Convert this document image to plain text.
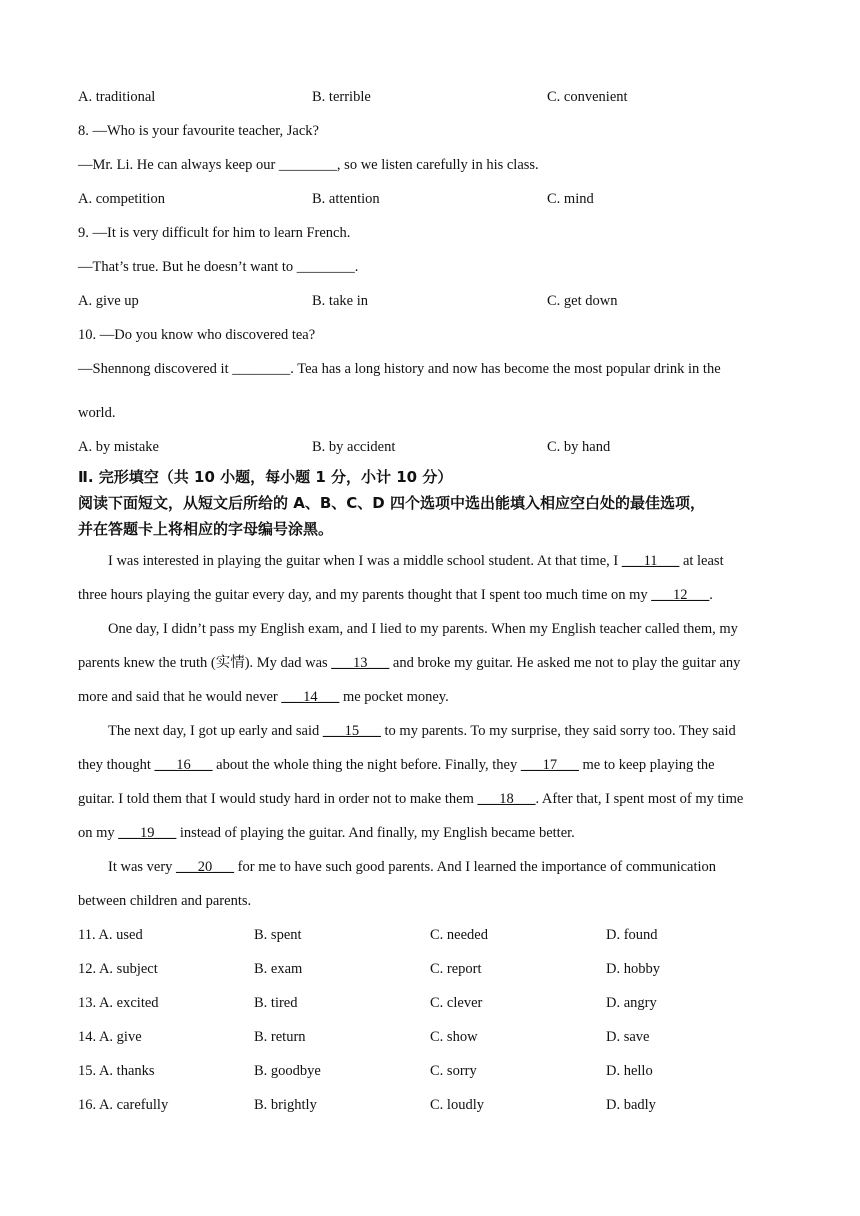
A. traditional	B. terrible	C. convenient
8. —Who is your favourite teacher, Jack?
—Mr. Li. He can always keep our ________, so we listen carefully in his class.
A. competition	B. attention	C. mind
9. —It is very difficult for him to learn French.
—That’s true. But he doesn’t want to ________.
A. give up	B. take in	C. get down
10. —Do you know who discovered tea?
—Shennong discovered it ________. Tea has a long history and now has become the most popular drink in the
world.
A. by mistake	B. by accident	C. by hand
Ⅱ. 完形填空（共 10 小题，每小题 1 分，小计 10 分）
阅读下面短文，从短文后所给的 A、B、C、D 四个选项中选出能填入相应空白处的最佳选项，
并在答题卡上将相应的字母编号涂黑。
I was interested in playing the guitar when I was a middle school student. At that time, I ___11___ at least
three hours playing the guitar every day, and my parents thought that I spent too much time on my ___12___.
One day, I didn’t pass my English exam, and I lied to my parents. When my English teacher called them, my
parents knew the truth (实情). My dad was ___13___ and broke my guitar. He asked me not to play the guitar any
more and said that he would never ___14___ me pocket money.
The next day, I got up early and said ___15___ to my parents. To my surprise, they said sorry too. They said
they thought ___16___ about the whole thing the night before. Finally, they ___17___ me to keep playing the
guitar. I told them that I would study hard in order not to make them ___18___. After that, I spent most of my time
on my ___19___ instead of playing the guitar. And finally, my English became better.
It was very ___20___ for me to have such good parents. And I learned the importance of communication
between children and parents.
11. A. used	B. spent	C. needed	D. found
12. A. subject	B. exam	C. report	D. hobby
13. A. excited	B. tired	C. clever	D. angry
14. A. give	B. return	C. show	D. save
15. A. thanks	B. goodbye	C. sorry	D. hello
16. A. carefully	B. brightly	C. loudly	D. badly
